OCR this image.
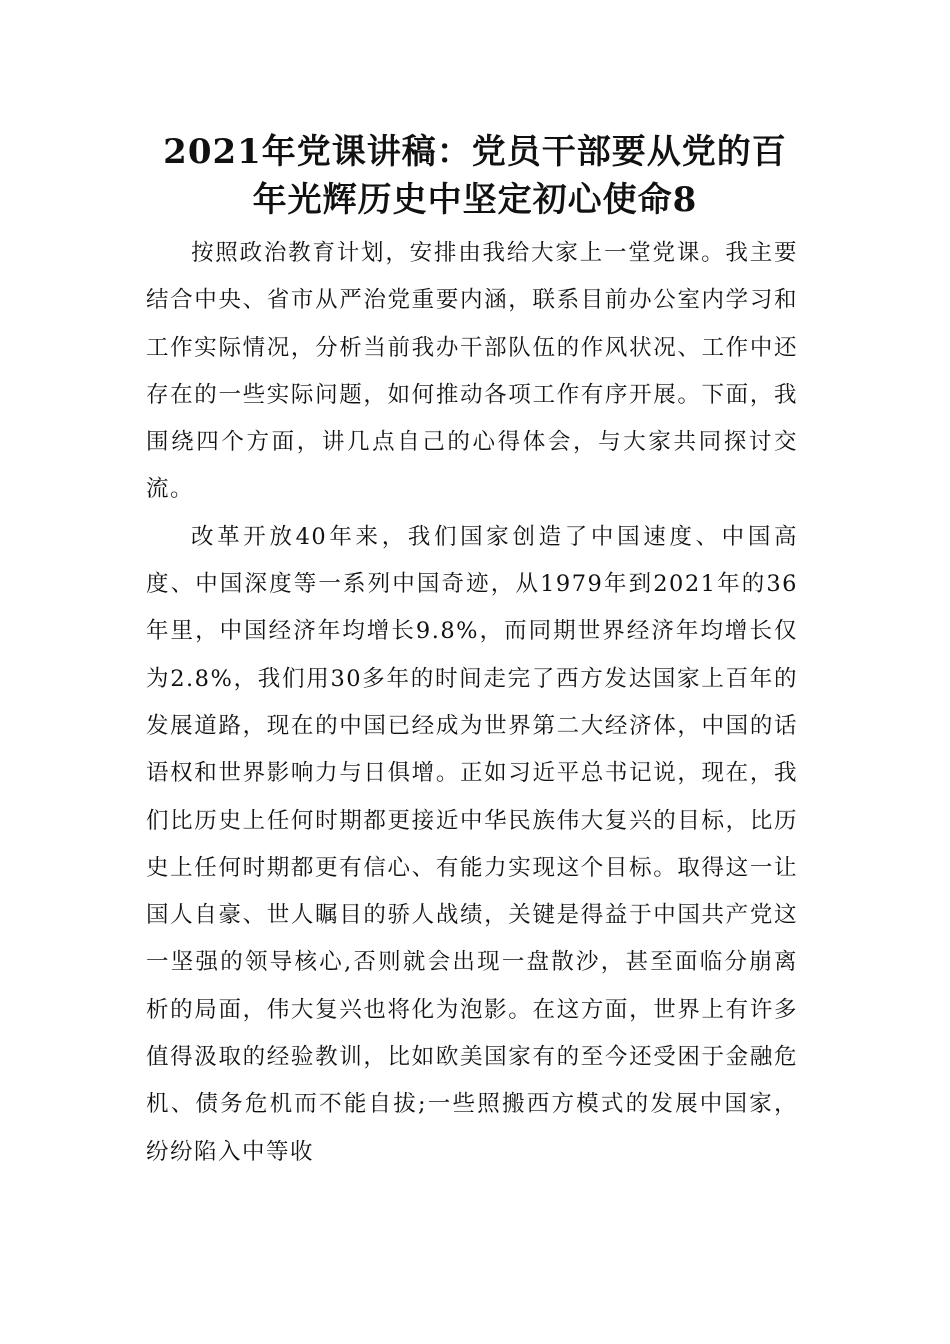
2021年党课讲稿：党员干部要从党的百
年光辉历史中坚定初心使命8

按照政治教育计划，安排由我给大家上一堂党课。我主要结合中央、省市从严治党重要内涵，联系目前办公室内学习和工作实际情况，分析当前我办干部队伍的作风状况、工作中还存在的一些实际问题，如何推动各项工作有序开展。下面，我围绕四个方面，讲几点自己的心得体会，与大家共同探讨交流。

改革开放40年来，我们国家创造了中国速度、中国高度、中国深度等一系列中国奇迹，从1979年到2021年的36年里，中国经济年均增长9.8%，而同期世界经济年均增长仅为2.8%，我们用30多年的时间走完了西方发达国家上百年的发展道路，现在的中国已经成为世界第二大经济体，中国的话语权和世界影响力与日俱增。正如习近平总书记说，现在，我们比历史上任何时期都更接近中华民族伟大复兴的目标，比历史上任何时期都更有信心、有能力实现这个目标。取得这一让国人自豪、世人瞩目的骄人战绩，关键是得益于中国共产党这一坚强的领导核心,否则就会出现一盘散沙，甚至面临分崩离析的局面，伟大复兴也将化为泡影。在这方面，世界上有许多值得汲取的经验教训，比如欧美国家有的至今还受困于金融危机、债务危机而不能自拔;一些照搬西方模式的发展中国家，纷纷陷入中等收
